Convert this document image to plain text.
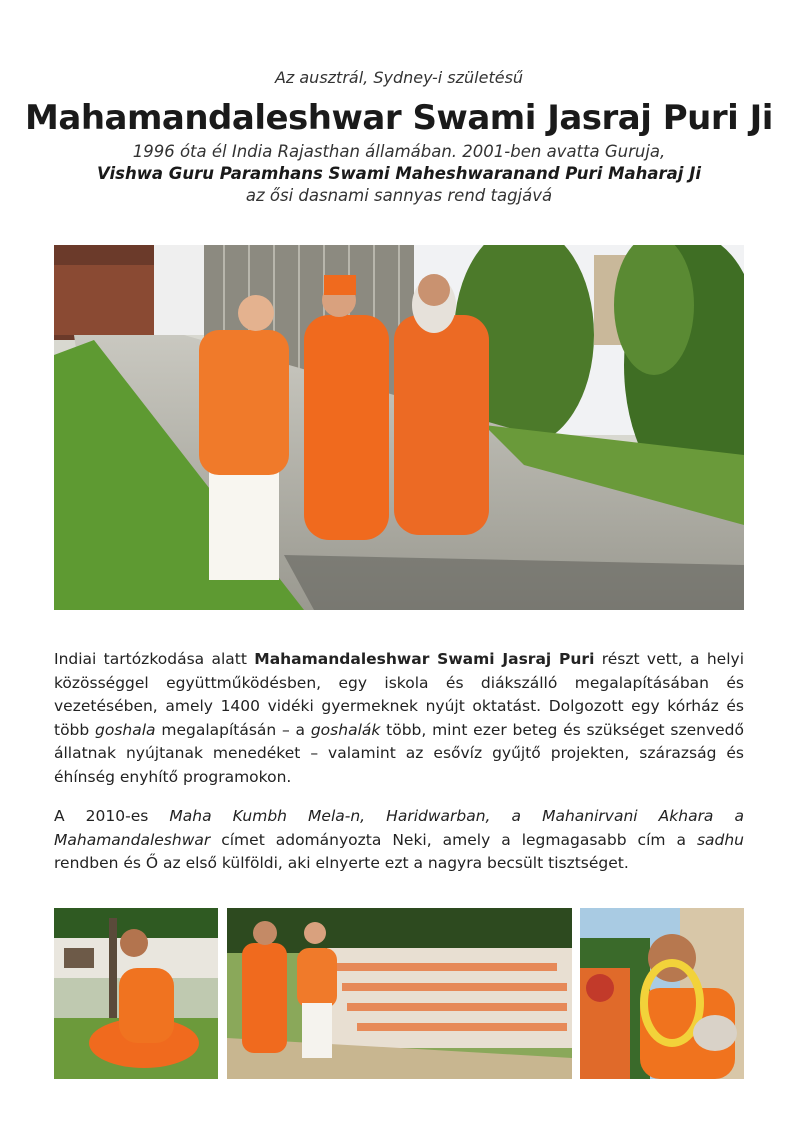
Az ausztrál, Sydney-i születésű
Mahamandaleshwar Swami Jasraj Puri Ji
1996 óta él India Rajasthan államában. 2001-ben avatta Guruja,
Vishwa Guru Paramhans Swami Maheshwaranand Puri Maharaj Ji
az ősi dasnami sannyas rend tagjává
Indiai tartózkodása alatt Mahamandaleshwar Swami Jasraj Puri részt vett, a helyi közösséggel együttműködésben, egy iskola és diákszálló megalapításában és vezetésében, amely 1400 vidéki gyermeknek nyújt oktatást. Dolgozott egy kórház és több goshala megalapításán – a goshalák több, mint ezer beteg és szükséget szenvedő állatnak nyújtanak menedéket – valamint az esővíz gyűjtő projekten, szárazság és éhínség enyhítő programokon.
A 2010-es Maha Kumbh Mela-n, Haridwarban, a Mahanirvani Akhara a Mahamandaleshwar címet adományozta Neki, amely a legmagasabb cím a sadhu rendben és Ő az első külföldi, aki elnyerte ezt a nagyra becsült tisztséget.
